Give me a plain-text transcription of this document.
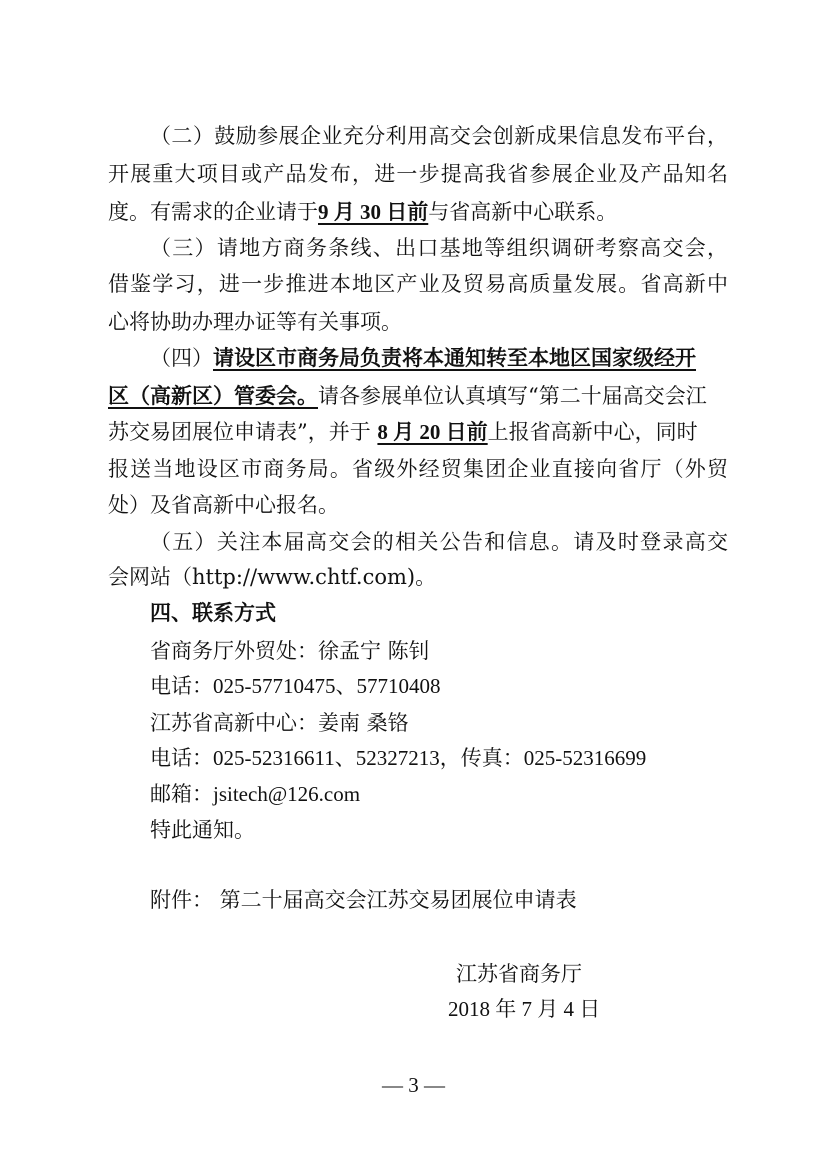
（二）鼓励参展企业充分利用高交会创新成果信息发布平台，
开展重大项目或产品发布，进一步提高我省参展企业及产品知名
度。有需求的企业请于9 月 30 日前与省高新中心联系。
（三）请地方商务条线、出口基地等组织调研考察高交会，
借鉴学习，进一步推进本地区产业及贸易高质量发展。省高新中
心将协助办理办证等有关事项。
（四）请设区市商务局负责将本通知转至本地区国家级经开
区（高新区）管委会。请各参展单位认真填写“第二十届高交会江
苏交易团展位申请表”，并于 8 月 20 日前上报省高新中心，同时
报送当地设区市商务局。省级外经贸集团企业直接向省厅（外贸
处）及省高新中心报名。
（五）关注本届高交会的相关公告和信息。请及时登录高交
会网站（http://www.chtf.com)。
四、联系方式
省商务厅外贸处：徐孟宁 陈钊
电话：025-57710475、57710408
江苏省高新中心：姜南 桑铬
电话：025-52316611、52327213，传真：025-52316699
邮箱：jsitech@126.com
特此通知。
附件： 第二十届高交会江苏交易团展位申请表
江苏省商务厅
2018 年 7 月 4 日
— 3 —
